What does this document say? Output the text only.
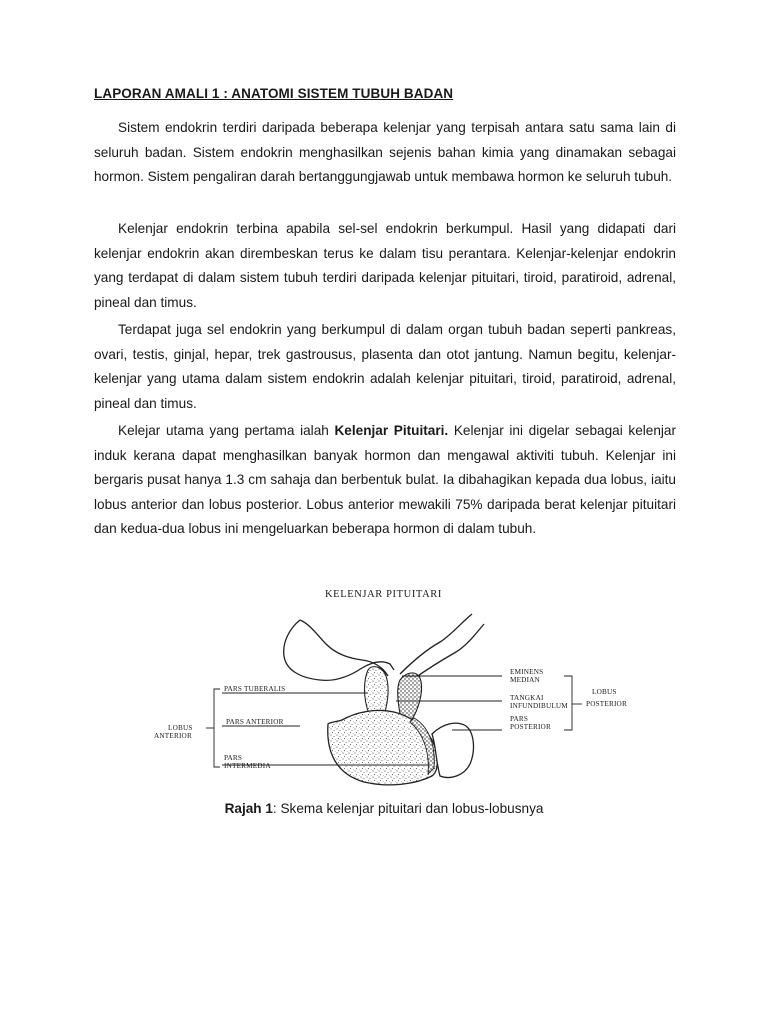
LAPORAN AMALI 1 : ANATOMI SISTEM TUBUH BADAN

Sistem endokrin terdiri daripada beberapa kelenjar yang terpisah antara satu sama lain di seluruh badan. Sistem endokrin menghasilkan sejenis bahan kimia yang dinamakan sebagai hormon. Sistem pengaliran darah bertanggungjawab untuk membawa hormon ke seluruh tubuh.

Kelenjar endokrin terbina apabila sel-sel endokrin berkumpul. Hasil yang didapati dari kelenjar endokrin akan dirembeskan terus ke dalam tisu perantara. Kelenjar-kelenjar endokrin yang terdapat di dalam sistem tubuh terdiri daripada kelenjar pituitari, tiroid, paratiroid, adrenal, pineal dan timus.

Terdapat juga sel endokrin yang berkumpul di dalam organ tubuh badan seperti pankreas, ovari, testis, ginjal, hepar, trek gastrousus, plasenta dan otot jantung. Namun begitu, kelenjar-kelenjar yang utama dalam sistem endokrin adalah kelenjar pituitari, tiroid, paratiroid, adrenal, pineal dan timus.

Kelejar utama yang pertama ialah Kelenjar Pituitari. Kelenjar ini digelar sebagai kelenjar induk kerana dapat menghasilkan banyak hormon dan mengawal aktiviti tubuh. Kelenjar ini bergaris pusat hanya 1.3 cm sahaja dan berbentuk bulat. Ia dibahagikan kepada dua lobus, iaitu lobus anterior dan lobus posterior. Lobus anterior mewakili 75% daripada berat kelenjar pituitari dan kedua-dua lobus ini mengeluarkan beberapa hormon di dalam tubuh.

KELENJAR PITUITARI
PARS TUBERALIS
PARS ANTERIOR
PARS
INTERMEDIA
LOBUS
ANTERIOR
EMINENS
MEDIAN
TANGKAI
INFUNDIBULUM
PARS
POSTERIOR
LOBUS
POSTERIOR
Rajah 1: Skema kelenjar pituitari dan lobus-lobusnya
